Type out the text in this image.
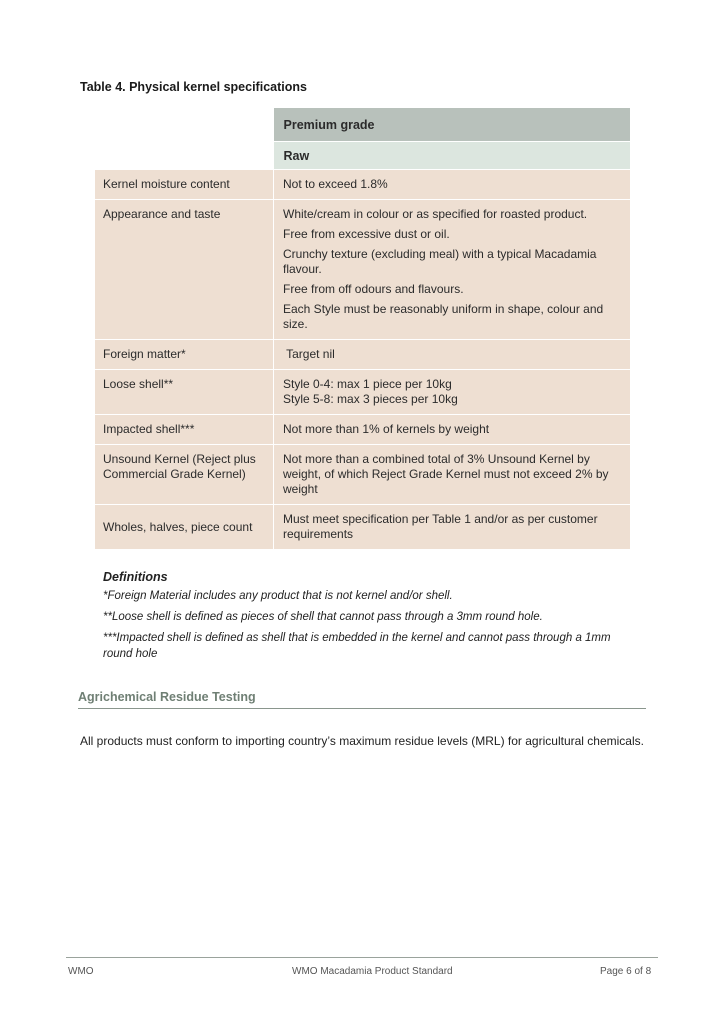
Table 4. Physical kernel specifications
	Premium grade
	Raw
Kernel moisture content	Not to exceed 1.8%

Appearance and taste	White/cream in colour or as specified for roasted product.

Free from excessive dust or oil.

Crunchy texture (excluding meal) with a typical Macadamia flavour.

Free from off odours and flavours.

Each Style must be reasonably uniform in shape, colour and size.

Foreign matter*	Target nil

Loose shell**	Style 0-4: max 1 piece per 10kg

Style 5-8: max 3 pieces per 10kg

Impacted shell***	Not more than 1% of kernels by weight

Unsound Kernel (Reject plus Commercial Grade Kernel)	Not more than a combined total of 3% Unsound Kernel by weight, of which Reject Grade Kernel must not exceed 2% by weight

Wholes, halves, piece count	Must meet specification per Table 1 and/or as per customer requirements

Definitions

*Foreign Material includes any product that is not kernel and/or shell.

**Loose shell is defined as pieces of shell that cannot pass through a 3mm round hole.

***Impacted shell is defined as shell that is embedded in the kernel and cannot pass through a 1mm round hole

Agrichemical Residue Testing
All products must conform to importing country’s maximum residue levels (MRL) for agricultural chemicals.
WMO	WMO Macadamia Product Standard	Page 6 of 8
